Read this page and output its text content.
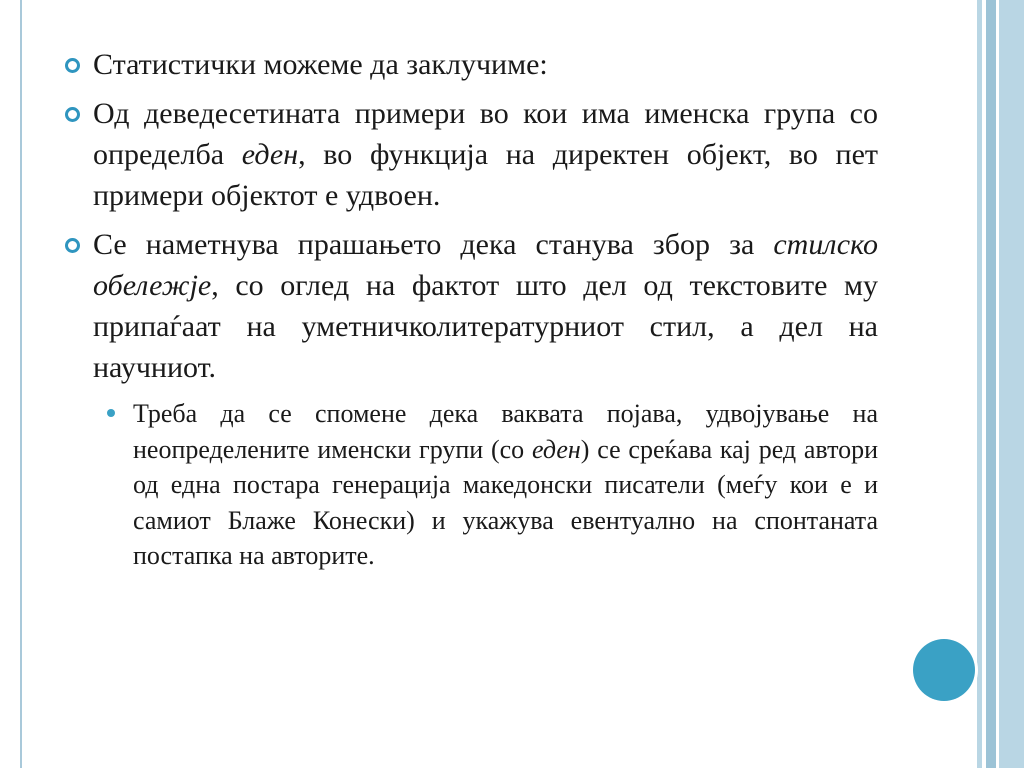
Статистички можеме да заклучиме:

Од деведесетината примери во кои има именска група со определба еден, во функција на директен објект, во пет примери објектот е удвоен.

Се наметнува прашањето дека станува збор за стилско обележје, со оглед на фактот што дел од текстовите му припаѓаат на уметничколитературниот стил, а дел на научниот.

Треба да се спомене дека ваквата појава, удвојување на неопределените именски групи (со еден) се среќава кај ред автори од една постара генерација македонски писатели (меѓу кои е и самиот Блаже Конески) и укажува евентуално на спонтаната постапка на авторите.
